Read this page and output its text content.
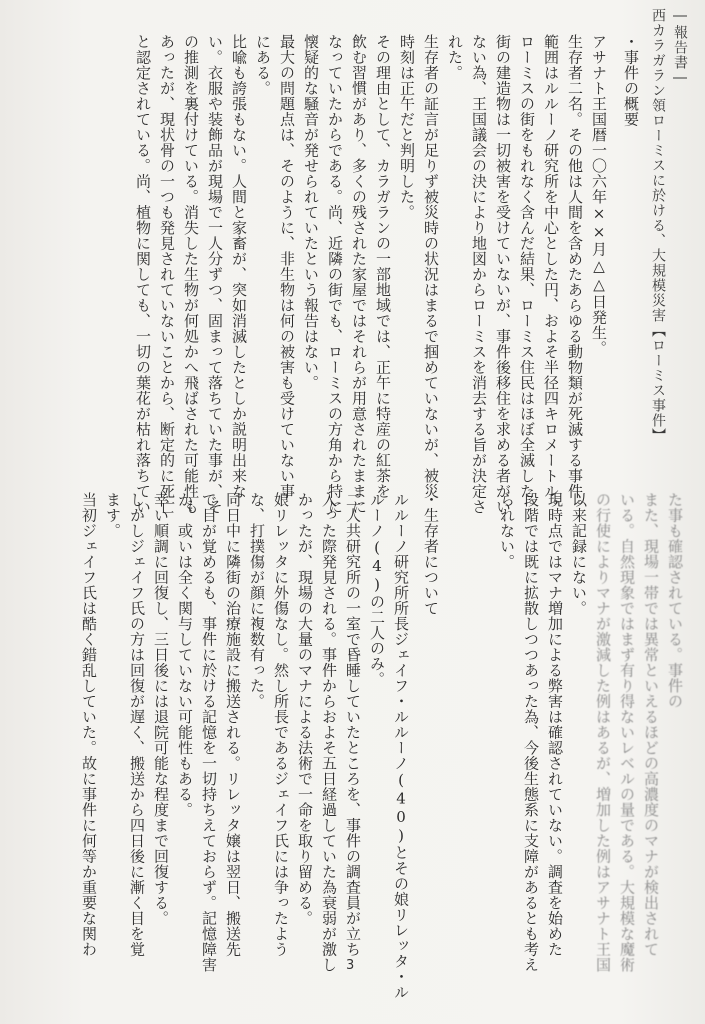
―報告書―
西カラガラン領ローミスに於ける、大規模災害【ローミス事件】
・事件の概要
アサナト王国暦一〇六年××月△△日発生。
生存者二名。その他は人間を含めたあらゆる動物類が死滅する事件。
範囲はルルーノ研究所を中心とした円、およそ半径四キロメートル。
ローミスの街をもれなく含んだ結果、ローミス住民はほぼ全滅した。
街の建造物は一切被害を受けていないが、事件後移住を求める者がい
ない為、王国議会の決により地図からローミスを消去する旨が決定さ
れた。
生存者の証言が足りず被災時の状況はまるで掴めていないが、被災
時刻は正午だと判明した。
その理由として、カラガランの一部地域では、正午に特産の紅茶を
飲む習慣があり、多くの残された家屋ではそれらが用意されたままに
なっていたからである。尚、近隣の街でも、ローミスの方角から特に
懐疑的な騒音が発せられていたという報告はない。
最大の問題点は、そのように、非生物は何の被害も受けていない事
にある。
比喩も誇張もない。人間と家畜が、突如消滅したとしか説明出来な
い。衣服や装飾品が現場で一人分ずつ、固まって落ちていた事が、そ
の推測を裏付けている。消失した生物が何処かへ飛ばされた可能性も
あったが、現状骨の一つも発見されていないことから、断定的に死亡
と認定されている。尚、植物に関しても、一切の葉花が枯れ落ちてい
た事も確認されている。事件の
また、現場一帯では異常といえるほどの高濃度のマナが検出されて
いる。自然現象ではまず有り得ないレベルの量である。大規模な魔術
の行使によりマナが激減した例はあるが、増加した例はアサナト王国
以来記録にない。
現時点ではマナ増加による弊害は確認されていない。調査を始めた
段階では既に拡散しつつあった為、今後生態系に支障があるとも考え
られない。
・生存者について
ルルーノ研究所所長ジェイフ・ルルーノ(40)とその娘リレッタ・ル
ルーノ(4)の二人のみ。
二人共研究所の一室で昏睡していたところを、事件の調査員が立ち
入った際発見される。事件からおよそ五日経過していた為衰弱が激し
かったが、現場の大量のマナによる法術で一命を取り留める。
娘リレッタに外傷なし。然し所長であるジェイフ氏には争ったよう
な、打撲傷が顔に複数有った。
同日中に隣街の治療施設に搬送される。リレッタ嬢は翌日、搬送先
で目が覚めるも、事件に於ける記憶を一切持ちえておらず。記憶障害
か、或いは全く関与していない可能性もある。
幸い順調に回復し、三日後には退院可能な程度まで回復する。
しかしジェイフ氏の方は回復が遅く、搬送から四日後に漸く目を覚
ます。
当初ジェイフ氏は酷く錯乱していた。故に事件に何等か重要な関わ
3
